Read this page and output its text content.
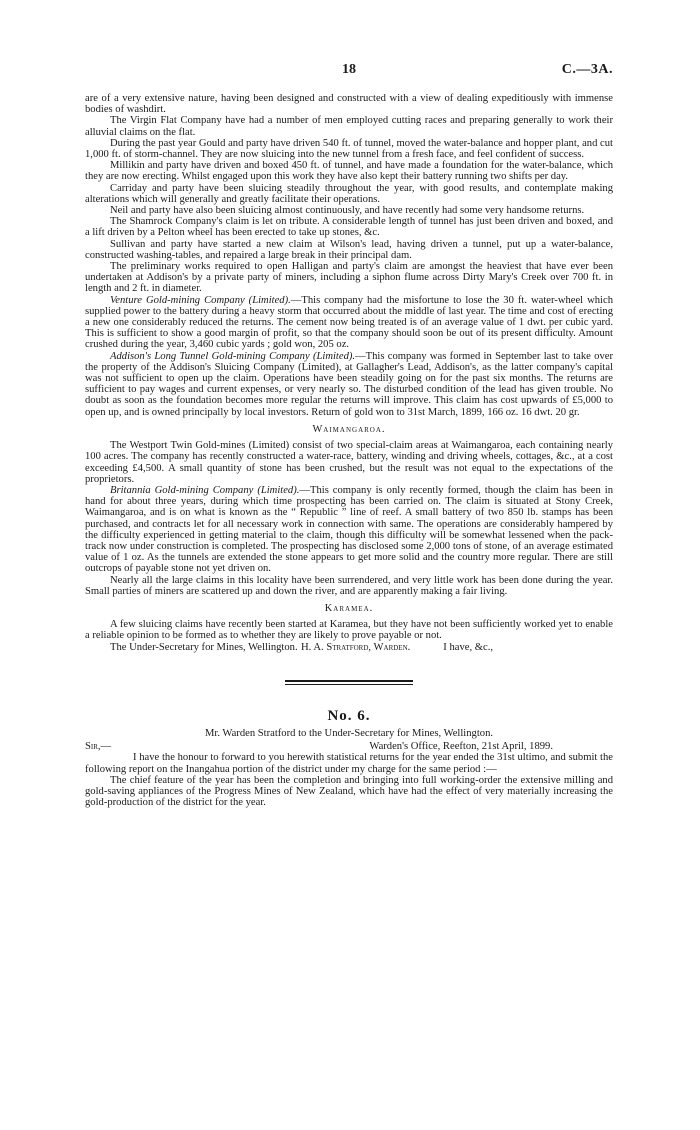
18	C.—3A.

are of a very extensive nature, having been designed and constructed with a view of dealing expeditiously with immense bodies of washdirt.

The Virgin Flat Company have had a number of men employed cutting races and preparing generally to work their alluvial claims on the flat.

During the past year Gould and party have driven 540 ft. of tunnel, moved the water-balance and hopper plant, and cut 1,000 ft. of storm-channel. They are now sluicing into the new tunnel from a fresh face, and feel confident of success.

Millikin and party have driven and boxed 450 ft. of tunnel, and have made a foundation for the water-balance, which they are now erecting. Whilst engaged upon this work they have also kept their battery running two shifts per day.

Carriday and party have been sluicing steadily throughout the year, with good results, and contemplate making alterations which will generally and greatly facilitate their operations.

Neil and party have also been sluicing almost continuously, and have recently had some very handsome returns.

The Shamrock Company's claim is let on tribute. A considerable length of tunnel has just been driven and boxed, and a lift driven by a Pelton wheel has been erected to take up stones, &c.

Sullivan and party have started a new claim at Wilson's lead, having driven a tunnel, put up a water-balance, constructed washing-tables, and repaired a large break in their principal dam.

The preliminary works required to open Halligan and party's claim are amongst the heaviest that have ever been undertaken at Addison's by a private party of miners, including a siphon flume across Dirty Mary's Creek over 700 ft. in length and 2 ft. in diameter.

Venture Gold-mining Company (Limited).—This company had the misfortune to lose the 30 ft. water-wheel which supplied power to the battery during a heavy storm that occurred about the middle of last year. The time and cost of erecting a new one considerably reduced the returns. The cement now being treated is of an average value of 1 dwt. per cubic yard. This is sufficient to show a good margin of profit, so that the company should soon be out of its present difficulty. Amount crushed during the year, 3,460 cubic yards ; gold won, 205 oz.

Addison's Long Tunnel Gold-mining Company (Limited).—This company was formed in September last to take over the property of the Addison's Sluicing Company (Limited), at Gallagher's Lead, Addison's, as the latter company's capital was not sufficient to open up the claim. Operations have been steadily going on for the past six months. The returns are sufficient to pay wages and current expenses, or very nearly so. The disturbed condition of the lead has given trouble. No doubt as soon as the foundation becomes more regular the returns will improve. This claim has cost upwards of £5,000 to open up, and is owned principally by local investors. Return of gold won to 31st March, 1899, 166 oz. 16 dwt. 20 gr.

Waimangaroa.

The Westport Twin Gold-mines (Limited) consist of two special-claim areas at Waimangaroa, each containing nearly 100 acres. The company has recently constructed a water-race, battery, winding and driving wheels, cottages, &c., at a cost exceeding £4,500. A small quantity of stone has been crushed, but the result was not equal to the expectations of the proprietors.

Britannia Gold-mining Company (Limited).—This company is only recently formed, though the claim has been in hand for about three years, during which time prospecting has been carried on. The claim is situated at Stony Creek, Waimangaroa, and is on what is known as the “ Republic ” line of reef. A small battery of two 850 lb. stamps has been purchased, and contracts let for all necessary work in connection with same. The operations are considerably hampered by the difficulty experienced in getting material to the claim, though this difficulty will be somewhat lessened when the pack-track now under construction is completed. The prospecting has disclosed some 2,000 tons of stone, of an average estimated value of 1 oz. As the tunnels are extended the stone appears to get more solid and the country more regular. There are still outcrops of payable stone not yet driven on.

Nearly all the large claims in this locality have been surrendered, and very little work has been done during the year. Small parties of miners are scattered up and down the river, and are apparently making a fair living.

Karamea.

A few sluicing claims have recently been started at Karamea, but they have not been sufficiently worked yet to enable a reliable opinion to be formed as to whether they are likely to prove payable or not.
I have, &c.,

The Under-Secretary for Mines, Wellington. H. A. Stratford, Warden.
No. 6.
Mr. Warden Stratford to the Under-Secretary for Mines, Wellington.
Sir,—	Warden's Office, Reefton, 21st April, 1899.

I have the honour to forward to you herewith statistical returns for the year ended the 31st ultimo, and submit the following report on the Inangahua portion of the district under my charge for the same period :—

The chief feature of the year has been the completion and bringing into full working-order the extensive milling and gold-saving appliances of the Progress Mines of New Zealand, which have had the effect of very materially increasing the gold-production of the district for the year.
